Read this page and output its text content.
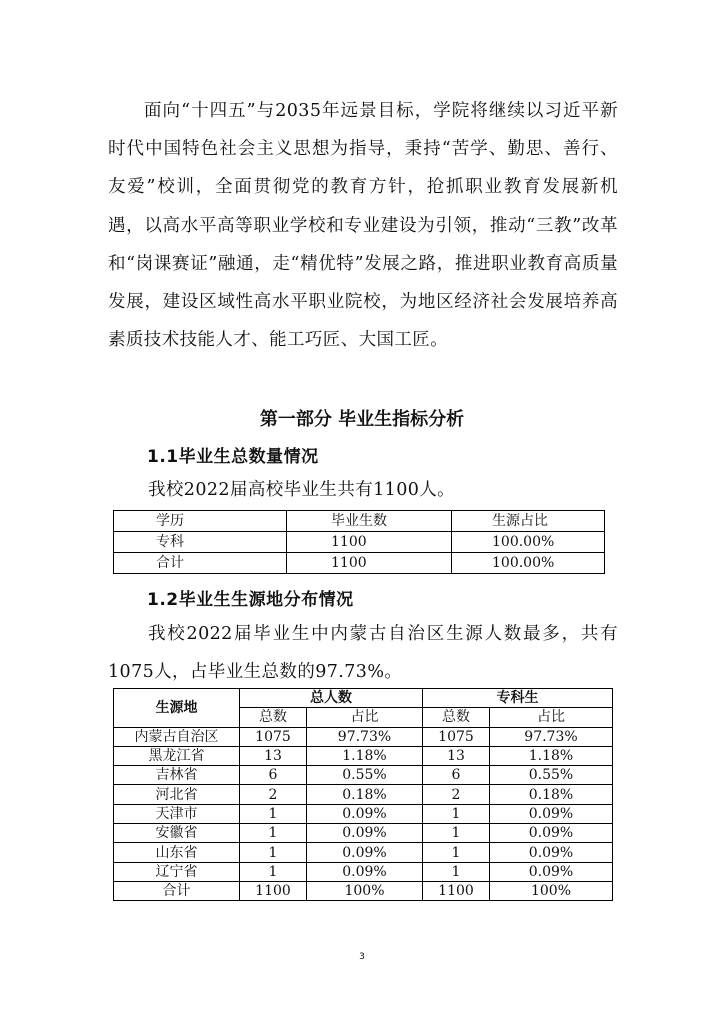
面向“十四五”与2035年远景目标，学院将继续以习近平新时代中国特色社会主义思想为指导，秉持“苦学、勤思、善行、友爱”校训，全面贯彻党的教育方针，抢抓职业教育发展新机遇，以高水平高等职业学校和专业建设为引领，推动“三教”改革和“岗课赛证”融通，走“精优特”发展之路，推进职业教育高质量发展，建设区域性高水平职业院校，为地区经济社会发展培养高素质技术技能人才、能工巧匠、大国工匠。

第一部分 毕业生指标分析
1.1毕业生总数量情况

我校2022届高校毕业生共有1100人。

学历	毕业生数	生源占比
专科	1100	100.00%
合计	1100	100.00%
1.2毕业生生源地分布情况

我校2022届毕业生中内蒙古自治区生源人数最多，共有1075人，占毕业生总数的97.73%。

生源地	总人数		专科生	
	总数	占比	总数	占比
内蒙古自治区	1075	97.73%	1075	97.73%
黑龙江省	13	1.18%	13	1.18%
吉林省	6	0.55%	6	0.55%
河北省	2	0.18%	2	0.18%
天津市	1	0.09%	1	0.09%
安徽省	1	0.09%	1	0.09%
山东省	1	0.09%	1	0.09%
辽宁省	1	0.09%	1	0.09%
合计	1100	100%	1100	100%
3
